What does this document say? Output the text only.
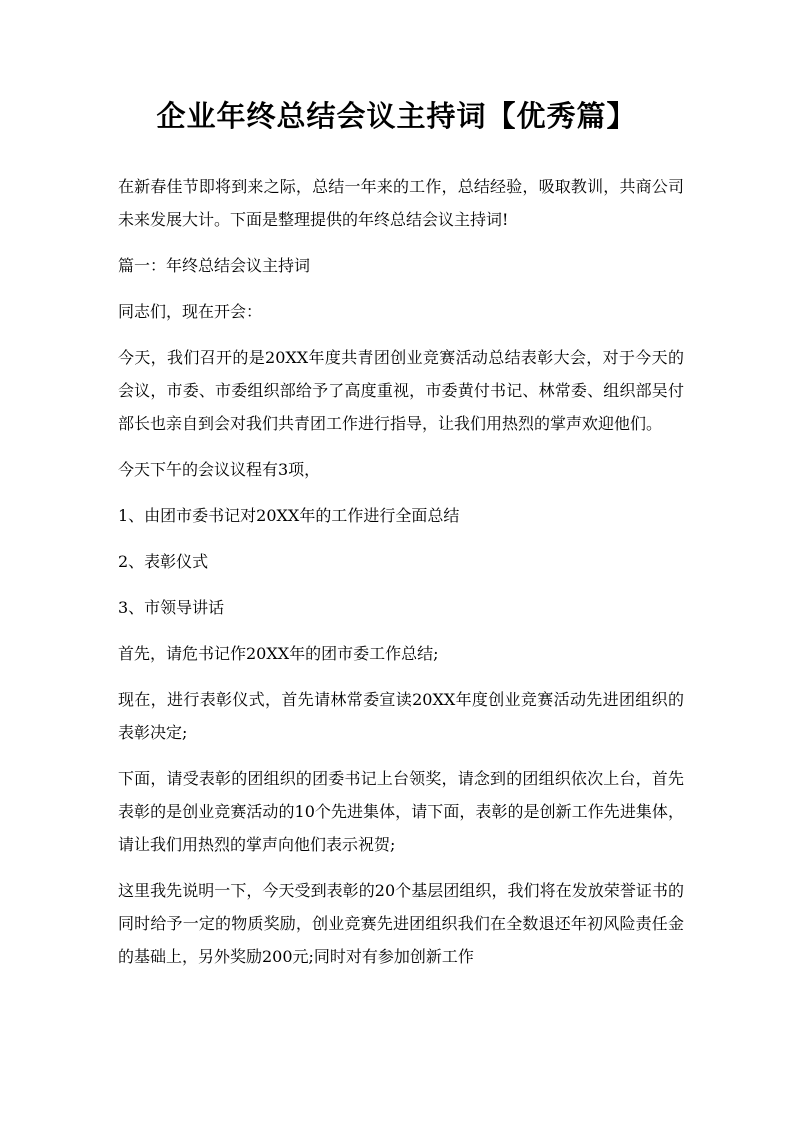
企业年终总结会议主持词【优秀篇】

在新春佳节即将到来之际，总结一年来的工作，总结经验，吸取教训，共商公司未来发展大计。下面是整理提供的年终总结会议主持词!

篇一：年终总结会议主持词

同志们，现在开会：

今天，我们召开的是20XX年度共青团创业竞赛活动总结表彰大会，对于今天的会议，市委、市委组织部给予了高度重视，市委黄付书记、林常委、组织部吴付部长也亲自到会对我们共青团工作进行指导，让我们用热烈的掌声欢迎他们。

今天下午的会议议程有3项，

1、由团市委书记对20XX年的工作进行全面总结

2、表彰仪式

3、市领导讲话

首先，请危书记作20XX年的团市委工作总结;

现在，进行表彰仪式，首先请林常委宣读20XX年度创业竞赛活动先进团组织的表彰决定;

下面，请受表彰的团组织的团委书记上台领奖，请念到的团组织依次上台，首先表彰的是创业竞赛活动的10个先进集体，请下面，表彰的是创新工作先进集体，请让我们用热烈的掌声向他们表示祝贺;

这里我先说明一下，今天受到表彰的20个基层团组织，我们将在发放荣誉证书的同时给予一定的物质奖励，创业竞赛先进团组织我们在全数退还年初风险责任金的基础上，另外奖励200元;同时对有参加创新工作
